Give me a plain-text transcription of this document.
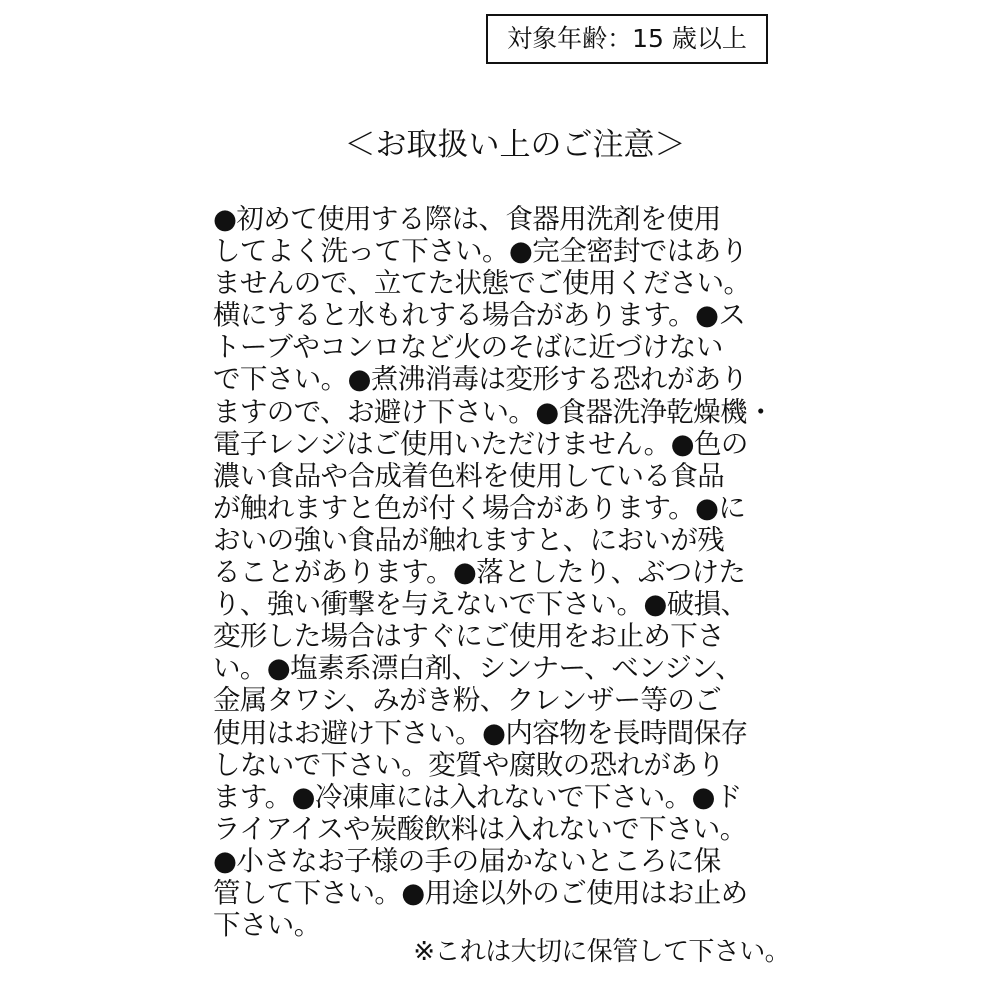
対象年齢：15 歳以上
＜お取扱い上のご注意＞
●初めて使用する際は、食器用洗剤を使用
してよく洗って下さい。●完全密封ではあり
ませんので、立てた状態でご使用ください。
横にすると水もれする場合があります。●ス
トーブやコンロなど火のそばに近づけない
で下さい。●煮沸消毒は変形する恐れがあり
ますので、お避け下さい。●食器洗浄乾燥機・
電子レンジはご使用いただけません。●色の
濃い食品や合成着色料を使用している食品
が触れますと色が付く場合があります。●に
おいの強い食品が触れますと、においが残
ることがあります。●落としたり、ぶつけた
り、強い衝撃を与えないで下さい。●破損、
変形した場合はすぐにご使用をお止め下さ
い。●塩素系漂白剤、シンナー、ベンジン、
金属タワシ、みがき粉、クレンザー等のご
使用はお避け下さい。●内容物を長時間保存
しないで下さい。変質や腐敗の恐れがあり
ます。●冷凍庫には入れないで下さい。●ド
ライアイスや炭酸飲料は入れないで下さい。
●小さなお子様の手の届かないところに保
管して下さい。●用途以外のご使用はお止め
下さい。
※これは大切に保管して下さい。
